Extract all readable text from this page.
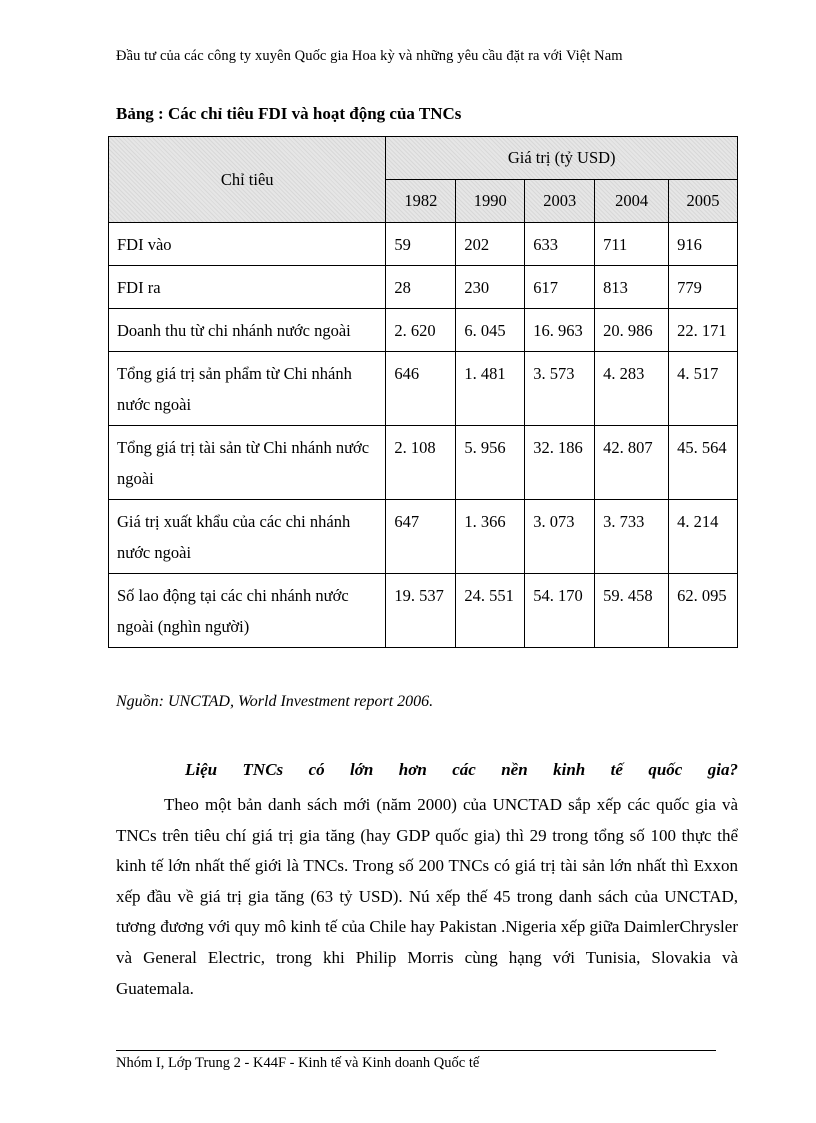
Đầu tư của các công ty xuyên Quốc gia Hoa kỳ và những yêu cầu đặt ra với Việt Nam
Bảng : Các chỉ tiêu FDI và hoạt động của TNCs
Chỉ tiêu	Giá trị (tỷ USD)				
	1982	1990	2003	2004	2005
FDI vào	59	202	633	711	916
FDI ra	28	230	617	813	779
Doanh thu từ chi nhánh nước ngoài	2. 620	6. 045	16. 963	20. 986	22. 171
Tổng giá trị sản phẩm từ Chi nhánh nước ngoài	646	1. 481	3. 573	4. 283	4. 517
Tổng giá trị tài sản từ Chi nhánh nước ngoài	2. 108	5. 956	32. 186	42. 807	45. 564
Giá trị xuất khẩu của các chi nhánh nước ngoài	647	1. 366	3. 073	3. 733	4. 214
Số lao động tại các chi nhánh nước ngoài (nghìn người)	19. 537	24. 551	54. 170	59. 458	62. 095
Nguồn: UNCTAD, World Investment report 2006.
Liệu TNCs có lớn hơn các nền kinh tế quốc gia?

Theo một bản danh sách mới (năm 2000) của UNCTAD sắp xếp các quốc gia và TNCs trên tiêu chí giá trị gia tăng (hay GDP quốc gia) thì 29 trong tổng số 100 thực thể kinh tế lớn nhất thế giới là TNCs. Trong số 200 TNCs có giá trị tài sản lớn nhất thì Exxon xếp đầu về giá trị gia tăng (63 tỷ USD). Nú xếp thế 45 trong danh sách của UNCTAD, tương đương với quy mô kinh tế của Chile hay Pakistan .Nigeria xếp giữa DaimlerChrysler và General Electric, trong khi Philip Morris cùng hạng với Tunisia, Slovakia và Guatemala.

Nhóm I, Lớp Trung 2 - K44F - Kinh tế và Kinh doanh Quốc tế
